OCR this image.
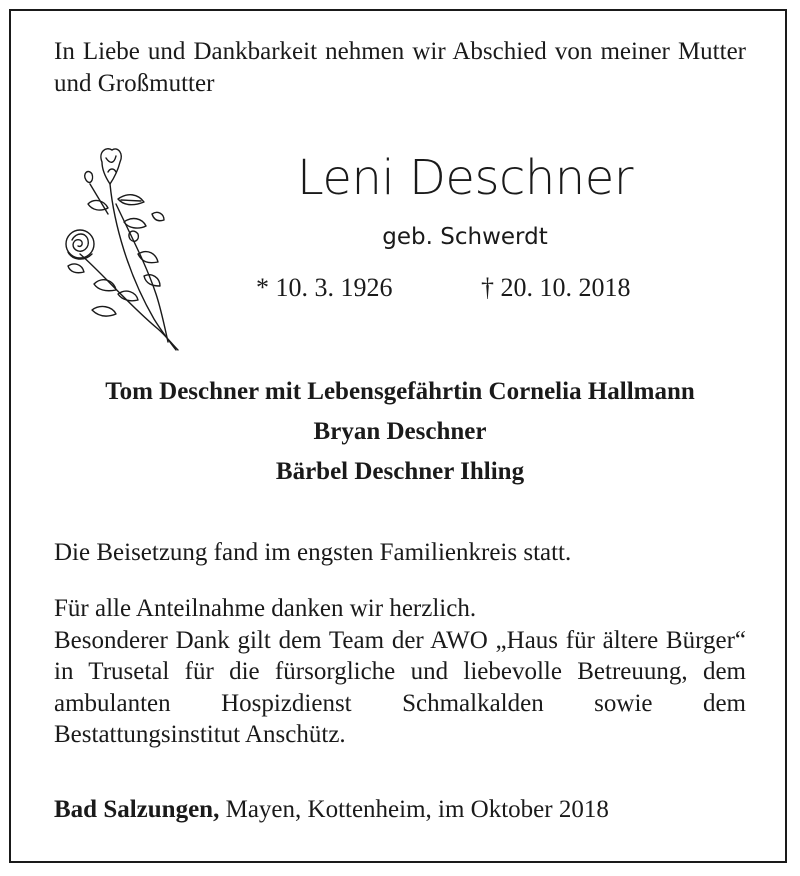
In Liebe und Dankbarkeit nehmen wir Abschied von meiner Mutter und Großmutter
Leni Deschner
geb. Schwerdt
* 10. 3. 1926	† 20. 10. 2018
Tom Deschner mit Lebensgefährtin Cornelia Hallmann
Bryan Deschner
Bärbel Deschner Ihling
Die Beisetzung fand im engsten Familienkreis statt.
Für alle Anteilnahme danken wir herzlich.
Besonderer Dank gilt dem Team der AWO „Haus für ältere Bürger“ in Trusetal für die fürsorgliche und liebevolle Betreuung, dem ambulanten Hospizdienst Schmalkalden sowie dem Bestattungsinstitut Anschütz.
Bad Salzungen, Mayen, Kottenheim, im Oktober 2018
